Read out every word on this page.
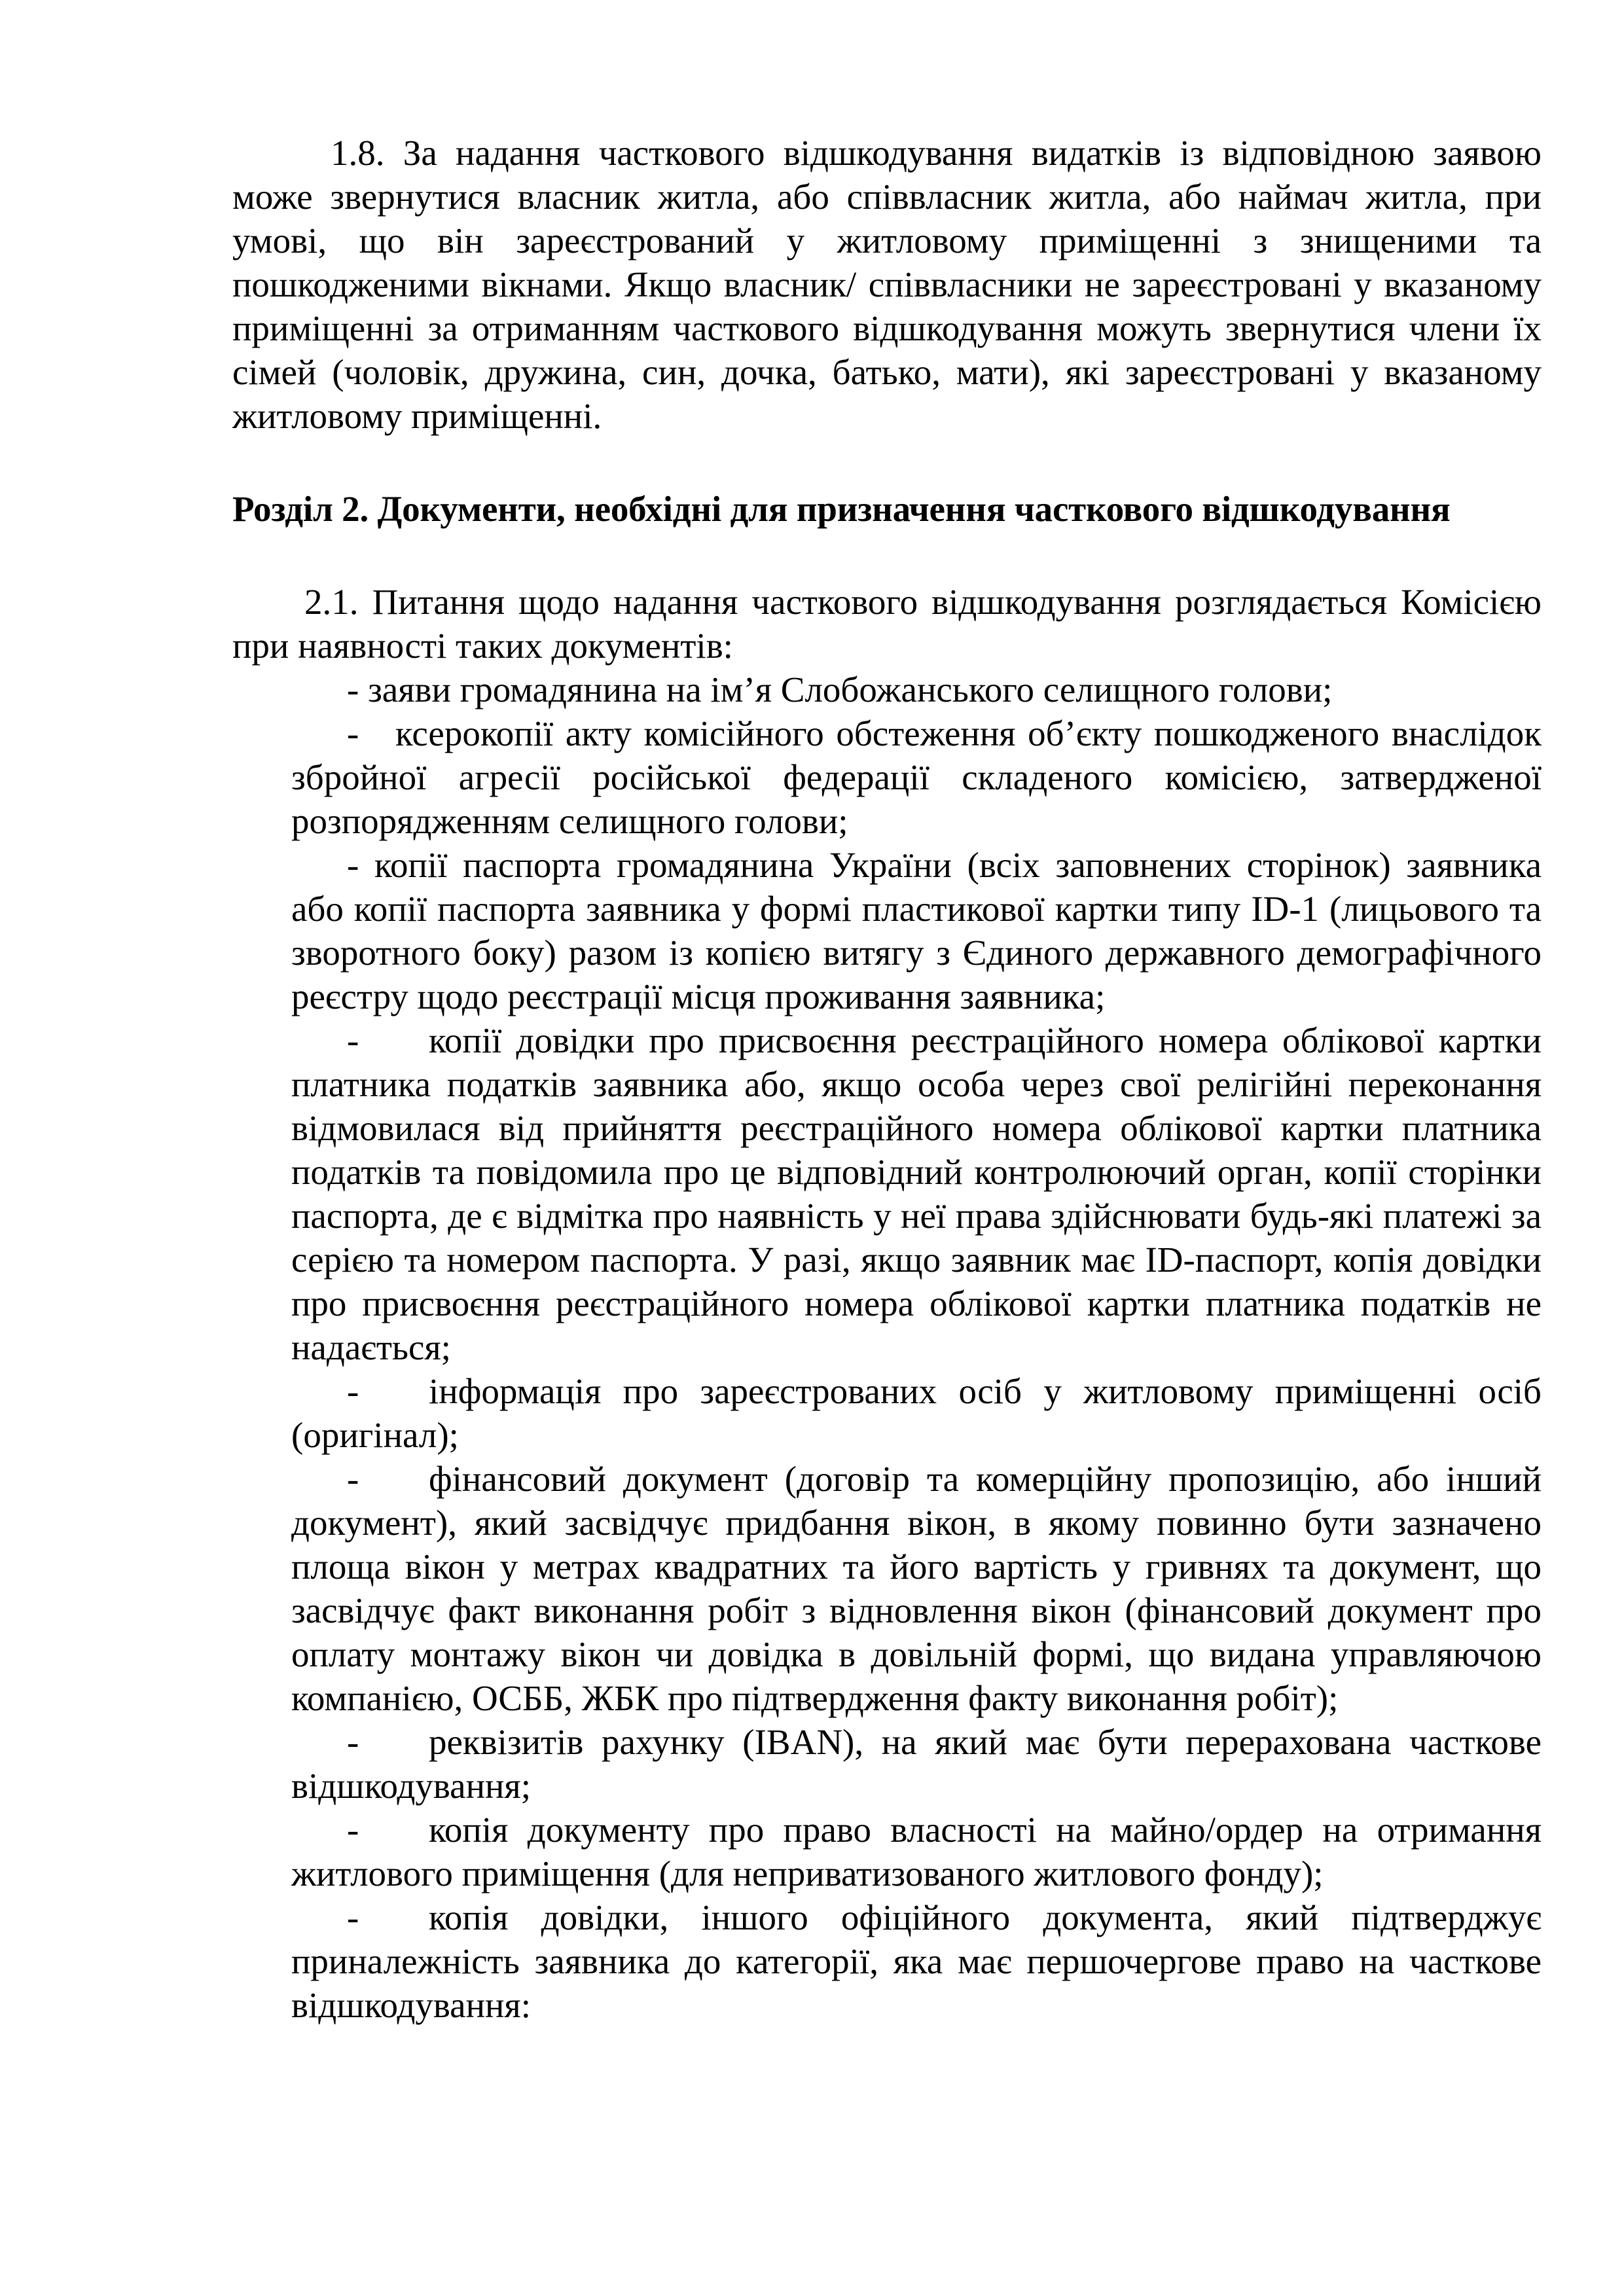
1.8. За надання часткового відшкодування видатків із відповідною заявою може звернутися власник житла, або співвласник житла, або наймач житла, при умові, що він зареєстрований у житловому приміщенні з знищеними та пошкодженими вікнами. Якщо власник/ співвласники не зареєстровані у вказаному приміщенні за отриманням часткового відшкодування можуть звернутися члени їх сімей (чоловік, дружина, син, дочка, батько, мати), які зареєстровані у вказаному житловому приміщенні.

Розділ 2. Документи, необхідні для призначення часткового відшкодування

2.1. Питання щодо надання часткового відшкодування розглядається Комісією при наявності таких документів:

- заяви громадянина на ім’я Слобожанського селищного голови;
- ксерокопії акту комісійного обстеження об’єкту пошкодженого внаслідок збройної агресії російської федерації складеного комісією, затвердженої розпорядженням селищного голови;
- копії паспорта громадянина України (всіх заповнених сторінок) заявника або копії паспорта заявника у формі пластикової картки типу ID-1 (лицьового та зворотного боку) разом із копією витягу з Єдиного державного демографічного реєстру щодо реєстрації місця проживання заявника;
- копії довідки про присвоєння реєстраційного номера облікової картки платника податків заявника або, якщо особа через свої релігійні переконання відмовилася від прийняття реєстраційного номера облікової картки платника податків та повідомила про це відповідний контролюючий орган, копії сторінки паспорта, де є відмітка про наявність у неї права здійснювати будь-які платежі за серією та номером паспорта. У разі, якщо заявник має ID-паспорт, копія довідки про присвоєння реєстраційного номера облікової картки платника податків не надається;
- інформація про зареєстрованих осіб у житловому приміщенні осіб (оригінал);
- фінансовий документ (договір та комерційну пропозицію, або інший документ), який засвідчує придбання вікон, в якому повинно бути зазначено площа вікон у метрах квадратних та його вартість у гривнях та документ, що засвідчує факт виконання робіт з відновлення вікон (фінансовий документ про оплату монтажу вікон чи довідка в довільній формі, що видана управляючою компанією, ОСББ, ЖБК про підтвердження факту виконання робіт);
- реквізитів рахунку (IBAN), на який має бути перерахована часткове відшкодування;
- копія документу про право власності на майно/ордер на отримання житлового приміщення (для неприватизованого житлового фонду);
- копія довідки, іншого офіційного документа, який підтверджує приналежність заявника до категорії, яка має першочергове право на часткове відшкодування:
